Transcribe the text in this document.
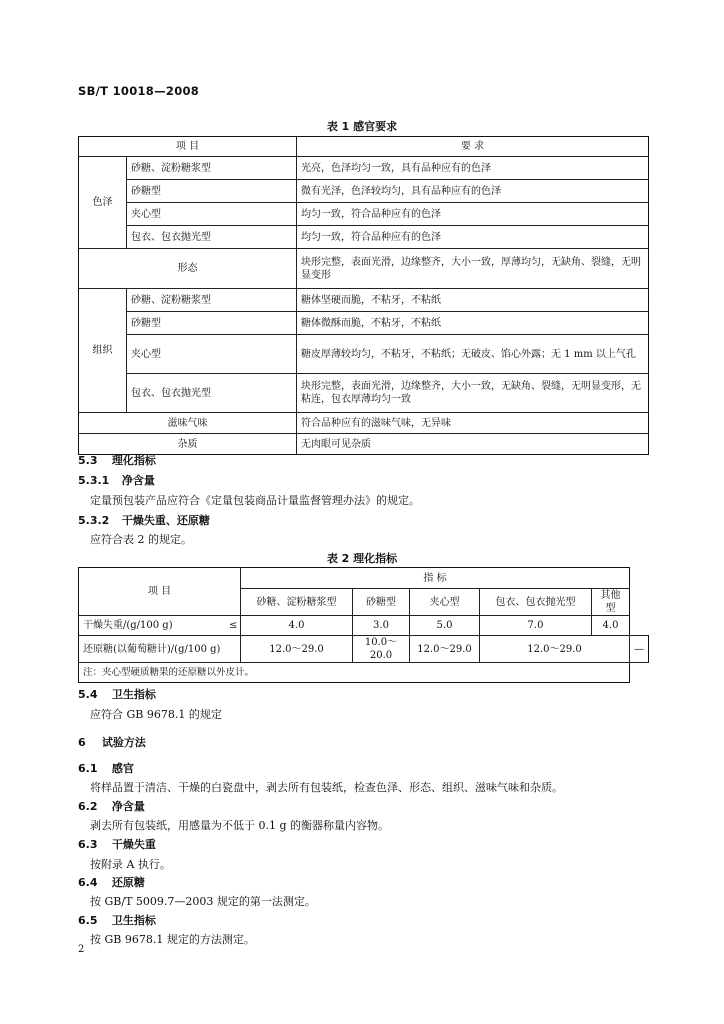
SB/T 10018—2008
表 1 感官要求
项 目		要 求
色泽	砂糖、淀粉糖浆型	光亮，色泽均匀一致，具有品种应有的色泽
	砂糖型	微有光泽，色泽较均匀，具有品种应有的色泽
	夹心型	均匀一致，符合品种应有的色泽
	包衣、包衣抛光型	均匀一致，符合品种应有的色泽
形态		块形完整，表面光滑，边缘整齐，大小一致，厚薄均匀，无缺角、裂缝，无明显变形
组织	砂糖、淀粉糖浆型	糖体坚硬而脆，不粘牙，不粘纸
	砂糖型	糖体微酥而脆，不粘牙，不粘纸
	夹心型	糖皮厚薄较均匀，不粘牙，不粘纸；无破皮、馅心外露；无 1 mm 以上气孔
	包衣、包衣抛光型	块形完整，表面光滑，边缘整齐，大小一致，无缺角、裂缝，无明显变形，无粘连，包衣厚薄均匀一致
滋味气味		符合品种应有的滋味气味，无异味
杂质		无肉眼可见杂质
5.3 理化指标
5.3.1 净含量
定量预包装产品应符合《定量包装商品计量监督管理办法》的规定。
5.3.2 干燥失重、还原糖
应符合表 2 的规定。
表 2 理化指标
项 目		指 标					
		砂糖、淀粉糖浆型	砂糖型	夹心型	包衣、包衣抛光型	其他型	
干燥失重/(g/100 g)	≤	4.0	3.0	5.0	7.0	4.0	
还原糖(以葡萄糖计)/(g/100 g)		12.0～29.0	10.0～20.0	12.0～29.0	12.0～29.0		—
注：夹心型硬质糖果的还原糖以外皮计。							
5.4 卫生指标
应符合 GB 9678.1 的规定
6 试验方法
6.1 感官
将样品置于清洁、干燥的白瓷盘中，剥去所有包装纸，检查色泽、形态、组织、滋味气味和杂质。
6.2 净含量
剥去所有包装纸，用感量为不低于 0.1 g 的衡器称量内容物。
6.3 干燥失重
按附录 A 执行。
6.4 还原糖
按 GB/T 5009.7—2003 规定的第一法测定。
6.5 卫生指标
按 GB 9678.1 规定的方法测定。
2
